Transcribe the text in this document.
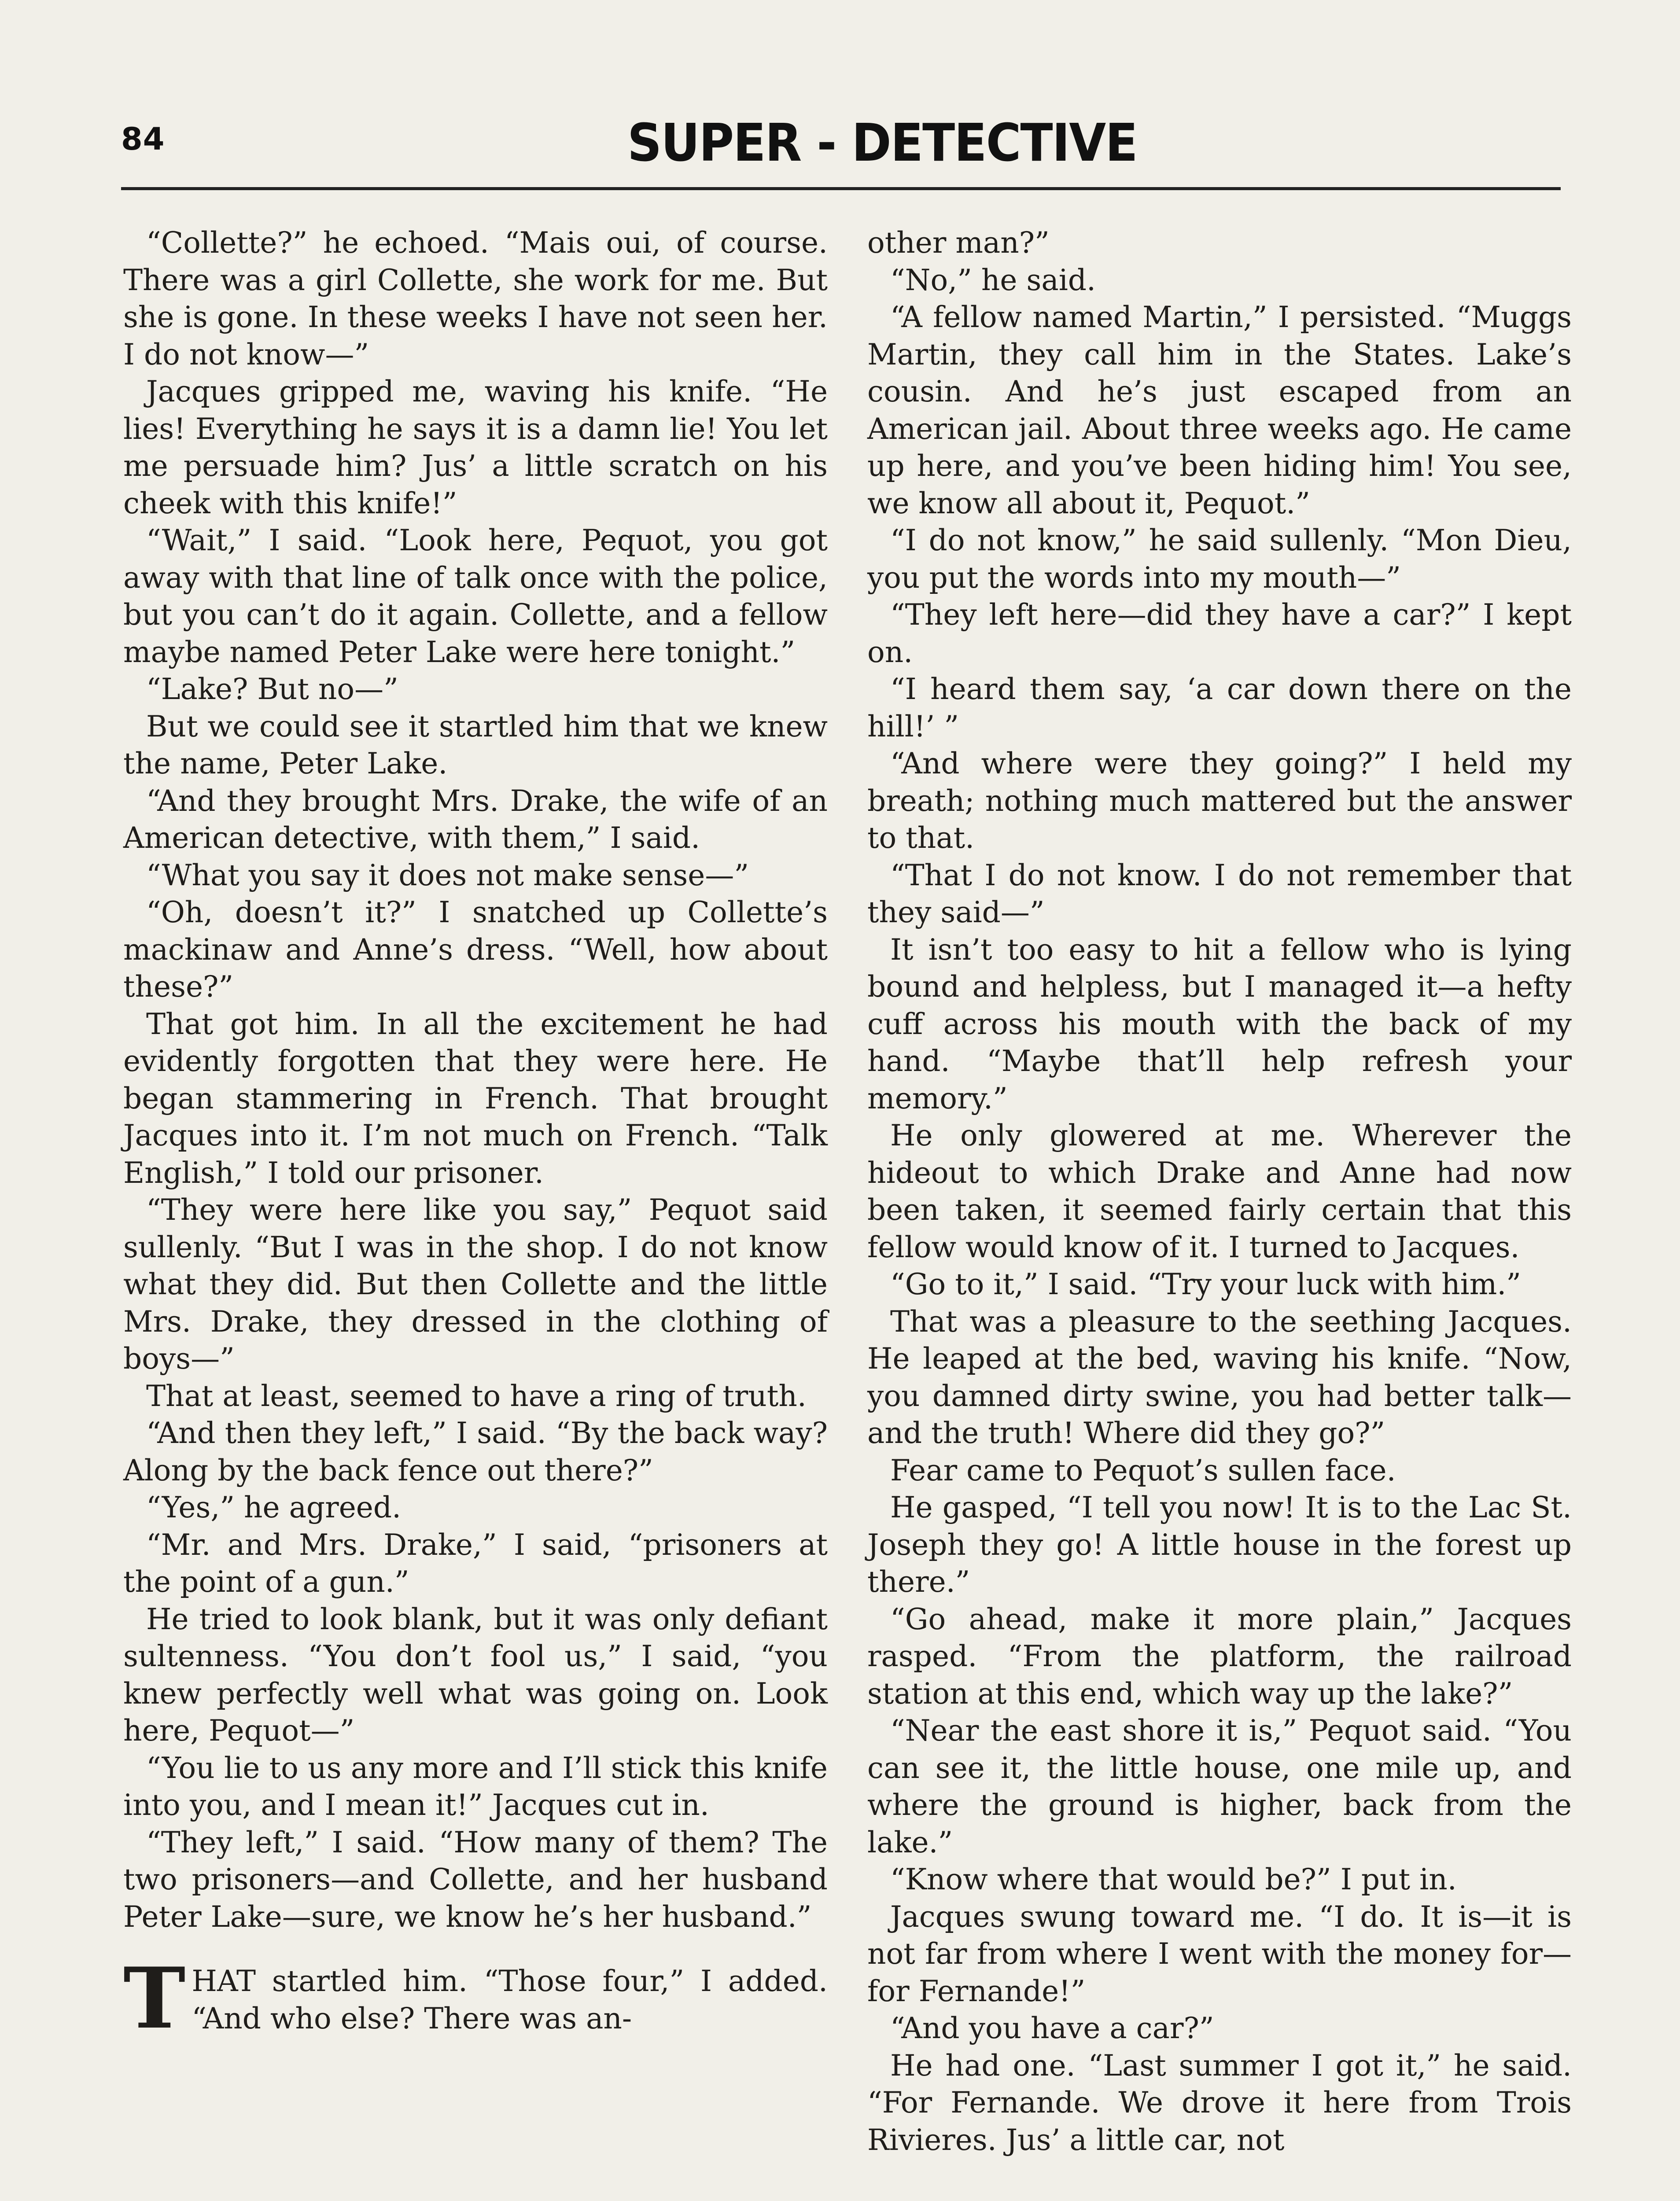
84	SUPER - DETECTIVE

“Collette?” he echoed. “Mais oui, of course. There was a girl Collette, she work for me. But she is gone. In these weeks I have not seen her. I do not know—”

Jacques gripped me, waving his knife. “He lies! Everything he says it is a damn lie! You let me persuade him? Jus’ a little scratch on his cheek with this knife!”

“Wait,” I said. “Look here, Pequot, you got away with that line of talk once with the police, but you can’t do it again. Collette, and a fellow maybe named Peter Lake were here tonight.”

“Lake? But no—”

But we could see it startled him that we knew the name, Peter Lake.

“And they brought Mrs. Drake, the wife of an American detective, with them,” I said.

“What you say it does not make sense—”

“Oh, doesn’t it?” I snatched up Collette’s mackinaw and Anne’s dress. “Well, how about these?”

That got him. In all the excitement he had evidently forgotten that they were here. He began stammering in French. That brought Jacques into it. I’m not much on French. “Talk English,” I told our prisoner.

“They were here like you say,” Pequot said sullenly. “But I was in the shop. I do not know what they did. But then Collette and the little Mrs. Drake, they dressed in the clothing of boys—”

That at least, seemed to have a ring of truth.

“And then they left,” I said. “By the back way? Along by the back fence out there?”

“Yes,” he agreed.

“Mr. and Mrs. Drake,” I said, “prisoners at the point of a gun.”

He tried to look blank, but it was only defiant sultenness. “You don’t fool us,” I said, “you knew perfectly well what was going on. Look here, Pequot—”

“You lie to us any more and I’ll stick this knife into you, and I mean it!” Jacques cut in.

“They left,” I said. “How many of them? The two prisoners—and Collette, and her husband Peter Lake—sure, we know he’s her husband.”

THAT startled him. “Those four,” I added. “And who else? There was an-

other man?”

“No,” he said.

“A fellow named Martin,” I persisted. “Muggs Martin, they call him in the States. Lake’s cousin. And he’s just escaped from an American jail. About three weeks ago. He came up here, and you’ve been hiding him! You see, we know all about it, Pequot.”

“I do not know,” he said sullenly. “Mon Dieu, you put the words into my mouth—”

“They left here—did they have a car?” I kept on.

“I heard them say, ‘a car down there on the hill!’ ”

“And where were they going?” I held my breath; nothing much mattered but the answer to that.

“That I do not know. I do not remember that they said—”

It isn’t too easy to hit a fellow who is lying bound and helpless, but I managed it—a hefty cuff across his mouth with the back of my hand. “Maybe that’ll help refresh your memory.”

He only glowered at me. Wherever the hideout to which Drake and Anne had now been taken, it seemed fairly certain that this fellow would know of it. I turned to Jacques.

“Go to it,” I said. “Try your luck with him.”

That was a pleasure to the seething Jacques. He leaped at the bed, waving his knife. “Now, you damned dirty swine, you had better talk—and the truth! Where did they go?”

Fear came to Pequot’s sullen face.

He gasped, “I tell you now! It is to the Lac St. Joseph they go! A little house in the forest up there.”

“Go ahead, make it more plain,” Jacques rasped. “From the platform, the railroad station at this end, which way up the lake?”

“Near the east shore it is,” Pequot said. “You can see it, the little house, one mile up, and where the ground is higher, back from the lake.”

“Know where that would be?” I put in.

Jacques swung toward me. “I do. It is—it is not far from where I went with the money for—for Fernande!”

“And you have a car?”

He had one. “Last summer I got it,” he said. “For Fernande. We drove it here from Trois Rivieres. Jus’ a little car, not
